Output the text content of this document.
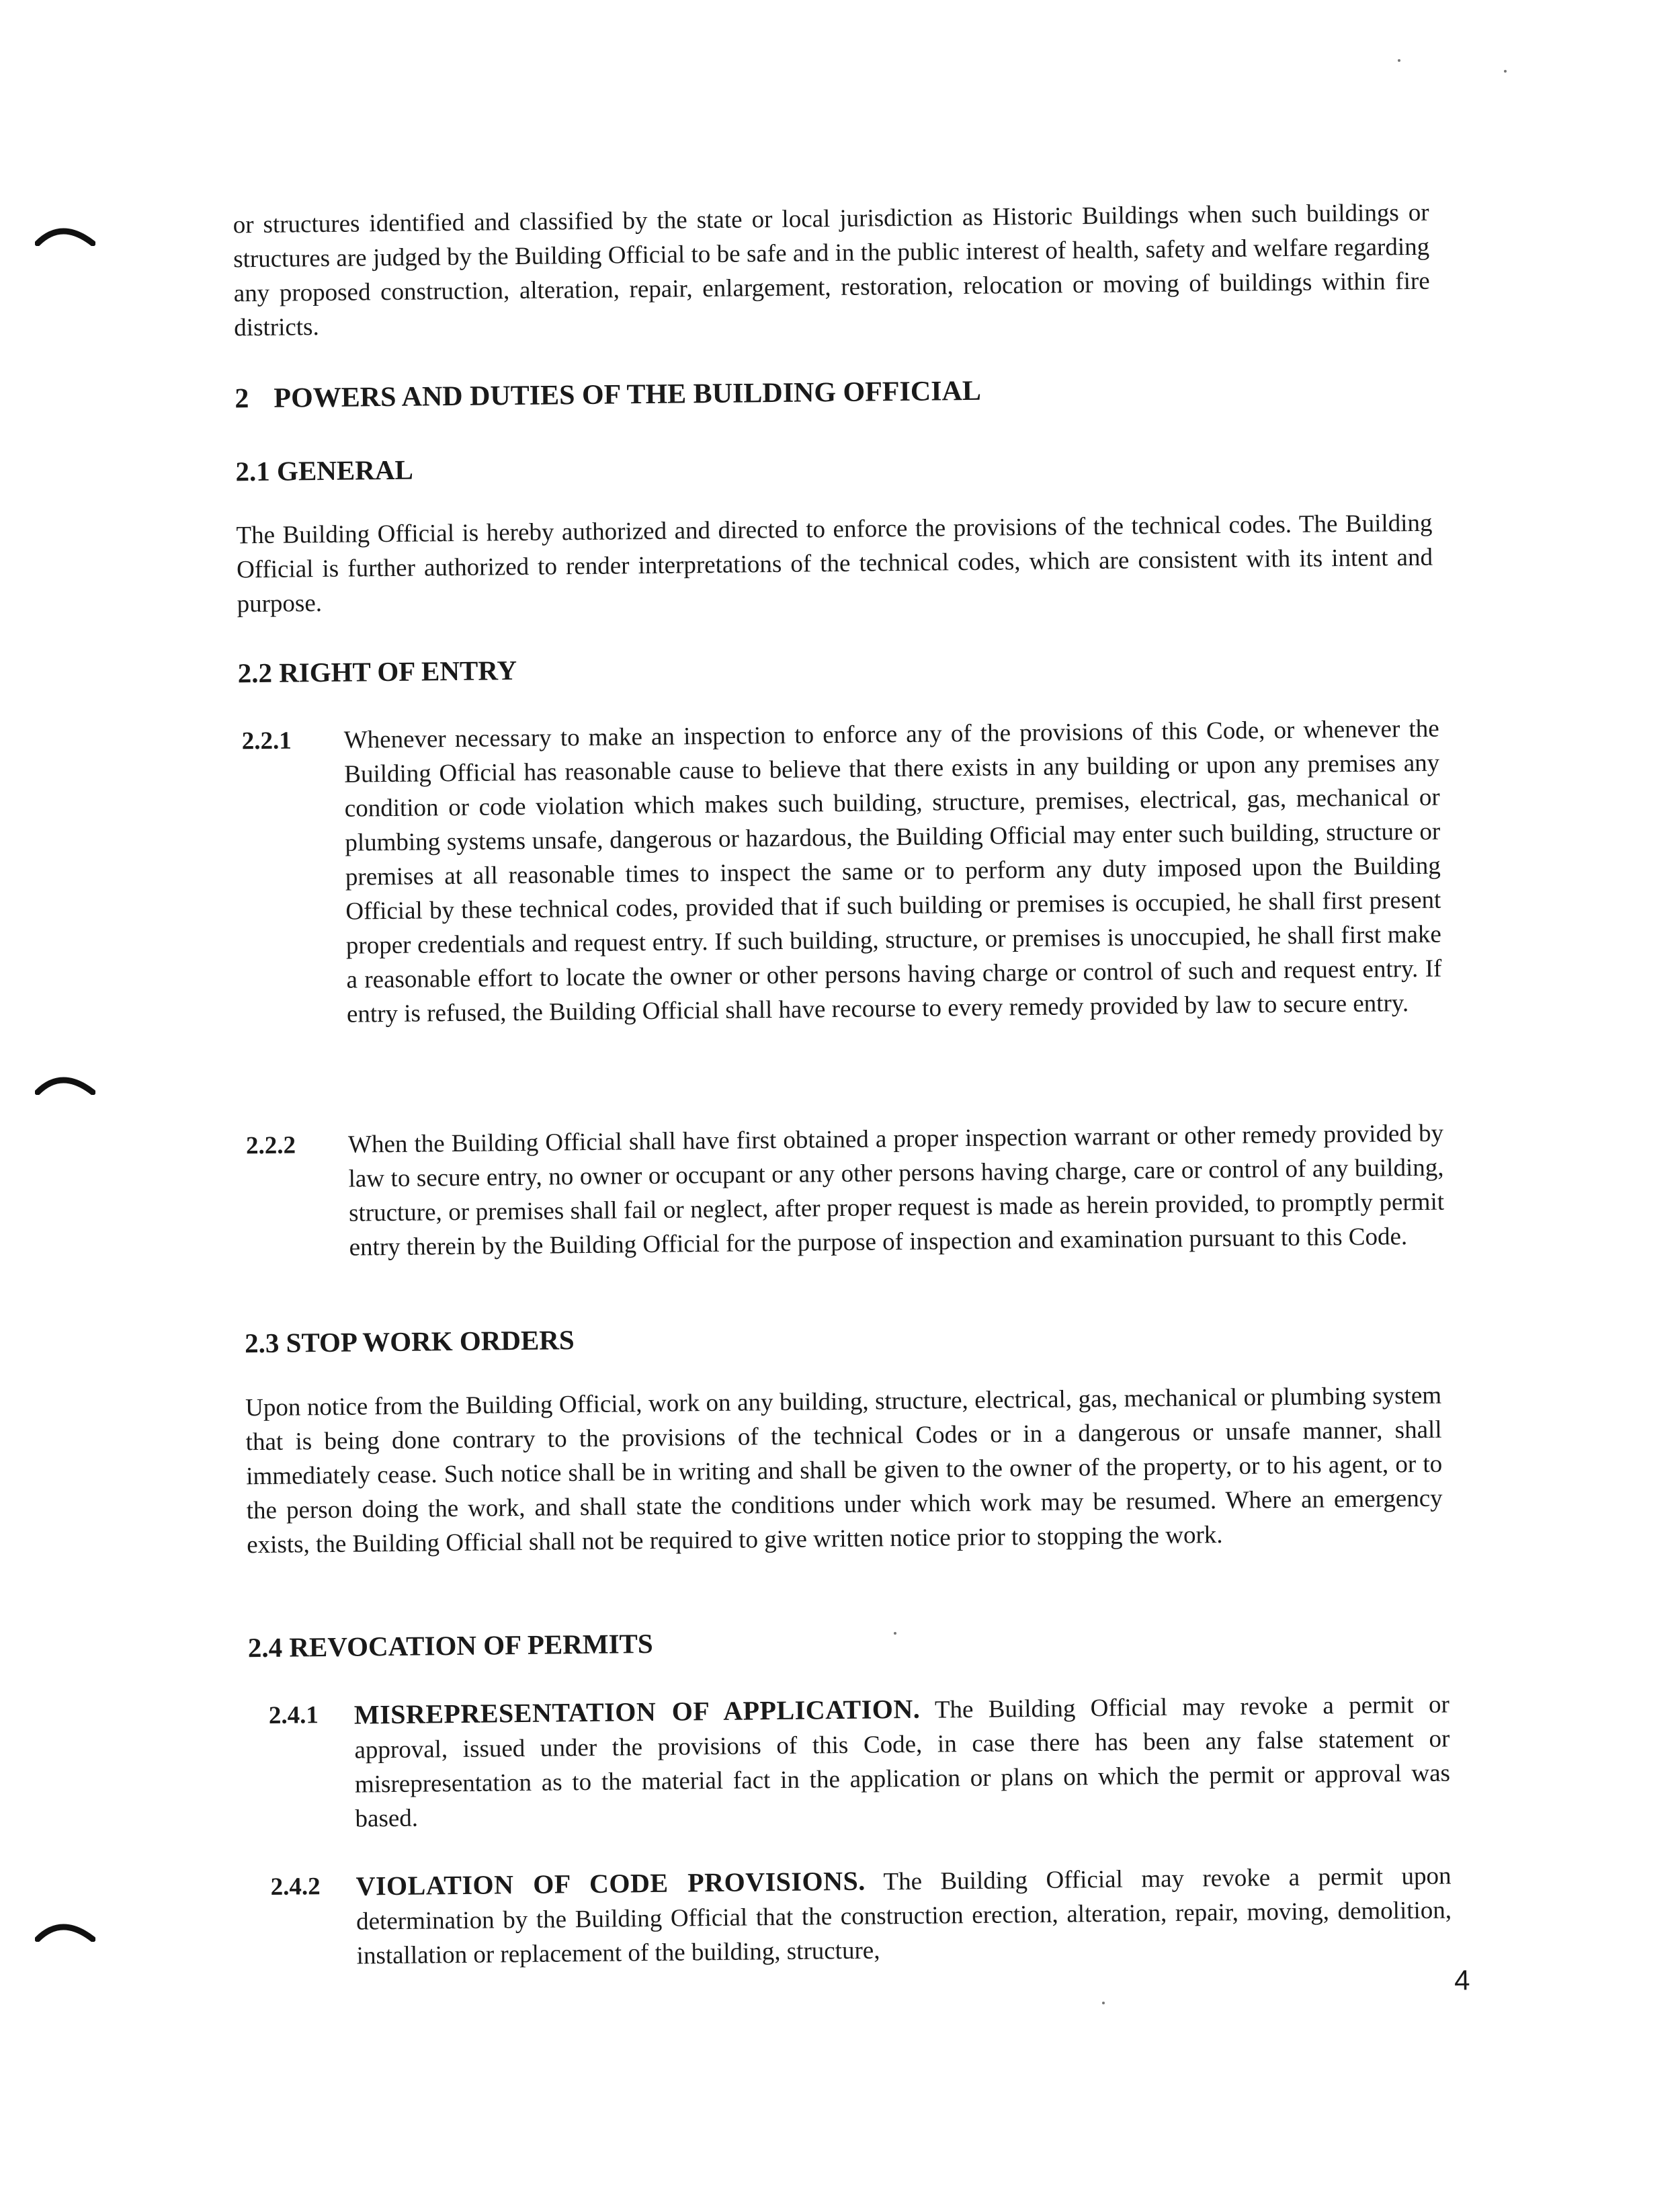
or structures identified and classified by the state or local jurisdiction as Historic Buildings when such buildings or structures are judged by the Building Official to be safe and in the public interest of health, safety and welfare regarding any proposed construction, alteration, repair, enlargement, restoration, relocation or moving of buildings within fire districts.

2 POWERS AND DUTIES OF THE BUILDING OFFICIAL
2.1 GENERAL

The Building Official is hereby authorized and directed to enforce the provisions of the technical codes. The Building Official is further authorized to render interpretations of the technical codes, which are consistent with its intent and purpose.

2.2 RIGHT OF ENTRY
2.2.1 Whenever necessary to make an inspection to enforce any of the provisions of this Code, or whenever the Building Official has reasonable cause to believe that there exists in any building or upon any premises any condition or code violation which makes such building, structure, premises, electrical, gas, mechanical or plumbing systems unsafe, dangerous or hazardous, the Building Official may enter such building, structure or premises at all reasonable times to inspect the same or to perform any duty imposed upon the Building Official by these technical codes, provided that if such building or premises is occupied, he shall first present proper credentials and request entry. If such building, structure, or premises is unoccupied, he shall first make a reasonable effort to locate the owner or other persons having charge or control of such and request entry. If entry is refused, the Building Official shall have recourse to every remedy provided by law to secure entry.

2.2.2 When the Building Official shall have first obtained a proper inspection warrant or other remedy provided by law to secure entry, no owner or occupant or any other persons having charge, care or control of any building, structure, or premises shall fail or neglect, after proper request is made as herein provided, to promptly permit entry therein by the Building Official for the purpose of inspection and examination pursuant to this Code.

2.3 STOP WORK ORDERS

Upon notice from the Building Official, work on any building, structure, electrical, gas, mechanical or plumbing system that is being done contrary to the provisions of the technical Codes or in a dangerous or unsafe manner, shall immediately cease. Such notice shall be in writing and shall be given to the owner of the property, or to his agent, or to the person doing the work, and shall state the conditions under which work may be resumed. Where an emergency exists, the Building Official shall not be required to give written notice prior to stopping the work.

2.4 REVOCATION OF PERMITS
2.4.1 MISREPRESENTATION OF APPLICATION. The Building Official may revoke a permit or approval, issued under the provisions of this Code, in case there has been any false statement or misrepresentation as to the material fact in the application or plans on which the permit or approval was based.

2.4.2 VIOLATION OF CODE PROVISIONS. The Building Official may revoke a permit upon determination by the Building Official that the construction erection, alteration, repair, moving, demolition, installation or replacement of the building, structure,

4
